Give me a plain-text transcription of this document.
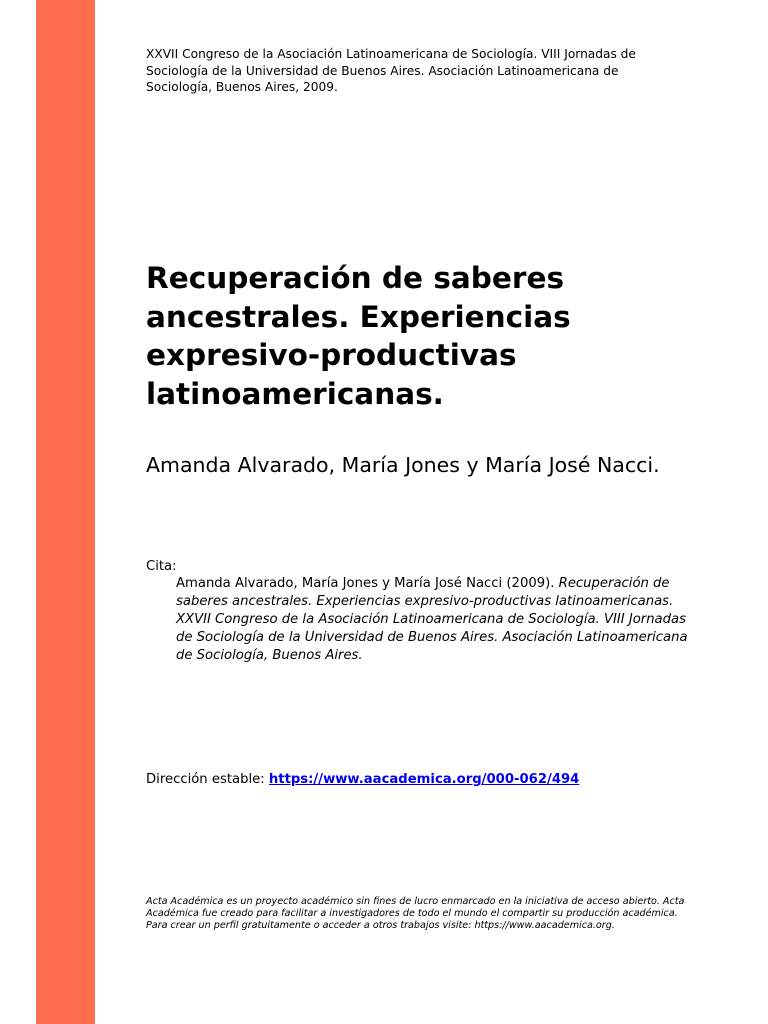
XXVII Congreso de la Asociación Latinoamericana de Sociología. VIII Jornadas de Sociología de la Universidad de Buenos Aires. Asociación Latinoamericana de Sociología, Buenos Aires, 2009.
Recuperación de saberes ancestrales. Experiencias expresivo-productivas latinoamericanas.
Amanda Alvarado, María Jones y María José Nacci.
Cita:
Amanda Alvarado, María Jones y María José Nacci (2009). Recuperación de saberes ancestrales. Experiencias expresivo-productivas latinoamericanas. XXVII Congreso de la Asociación Latinoamericana de Sociología. VIII Jornadas de Sociología de la Universidad de Buenos Aires. Asociación Latinoamericana de Sociología, Buenos Aires.
Dirección estable: https://www.aacademica.org/000-062/494
Acta Académica es un proyecto académico sin fines de lucro enmarcado en la iniciativa de acceso abierto. Acta Académica fue creado para facilitar a investigadores de todo el mundo el compartir su producción académica. Para crear un perfil gratuitamente o acceder a otros trabajos visite: https://www.aacademica.org.
